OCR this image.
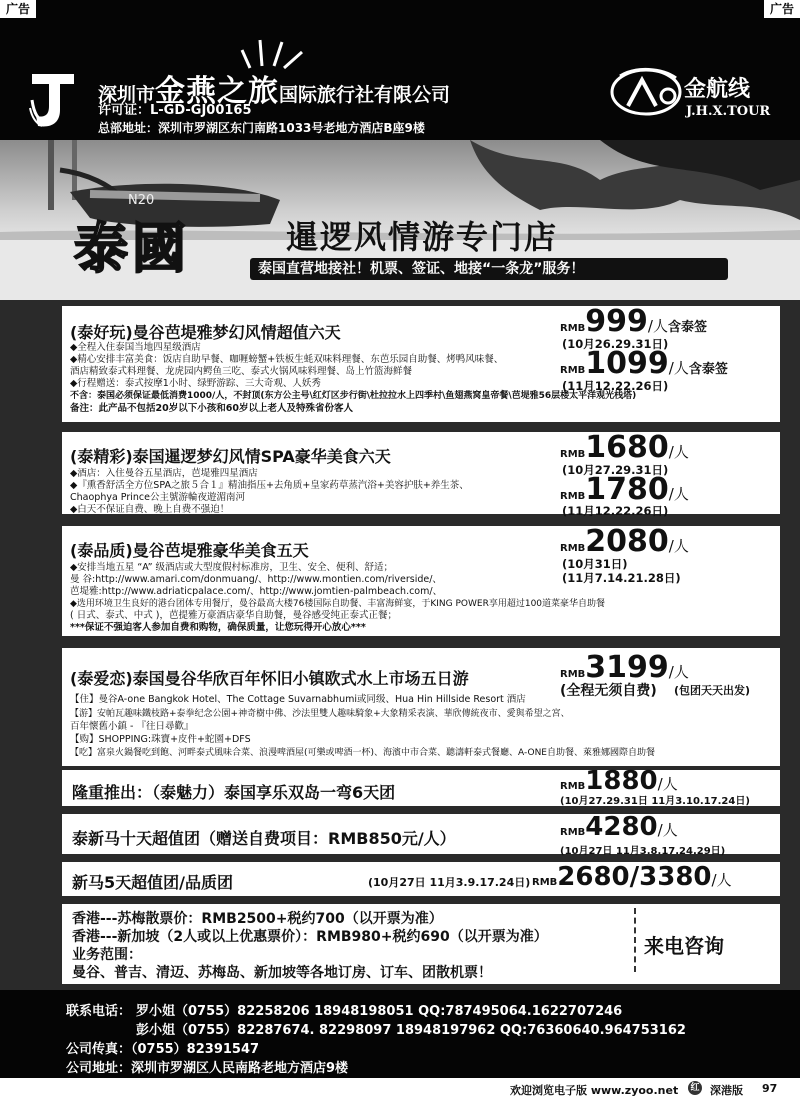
深圳市金燕之旅国际旅行社有限公司
许可证：L-GD-GJ00165
总部地址：深圳市罗湖区东门南路1033号老地方酒店B座9楼
金航线
J.H.X.TOUR
广告	广告
N20
泰國	暹逻风情游专门店
泰国直营地接社！机票、签证、地接“一条龙”服务！
(泰好玩)曼谷芭堤雅梦幻风情超值六天
◆全程入住泰国当地四星级酒店
◆精心安排丰富美食：饭店自助早餐、咖喱螃蟹+铁板生蚝双味料理餐、东芭乐园自助餐、烤鸭风味餐、
酒店精致泰式料理餐、龙虎园内鳄鱼三吃、泰式火锅风味料理餐、岛上竹篮海鲜餐
◆行程赠送：泰式按摩1小时、绿野游踪、三大奇观、人妖秀
不含：泰国必须保证最低消费1000/人，不封顶(东方公主号\红灯区步行街\杜拉拉水上四季村\鱼翅燕窝皇帝餐\芭堤雅56层楼太平洋观光栈塔)
备注：此产品不包括20岁以下小孩和60岁以上老人及特殊省份客人
RMB999/人含泰签
(10月26.29.31日)
RMB1099/人含泰签
(11月12.22.26日)
(泰精彩)泰国暹逻梦幻风情SPA豪华美食六天
◆酒店：入住曼谷五星酒店，芭堤雅四星酒店
◆『熏香舒活全方位SPA之旅５合１』精油指压+去角质+皇家药草蒸汽浴+美容护肤+养生茶、
Chaophya Prince公主號游輪夜遊湄南河
◆白天不保证自费、晚上自费不强迫！
RMB1680/人
(10月27.29.31日)
RMB1780/人
(11月12.22.26日)
(泰品质)曼谷芭堤雅豪华美食五天
◆安排当地五星 “A” 级酒店或大型度假村标准房，卫生、安全、便利、舒适；
曼 谷:http://www.amari.com/donmuang/、http://www.montien.com/riverside/、
芭堤雅:http://www.adriaticpalace.com/、http://www.jomtien-palmbeach.com/、
◆选用环境卫生良好的港台团体专用餐厅，曼谷最高大楼76楼国际自助餐、丰富海鲜宴，于KING POWER享用超过100道菜豪华自助餐
( 日式、泰式、中式 )，芭提雅万豪酒店豪华自助餐，曼谷感受纯正泰式正餐；
***保证不强迫客人参加自费和购物，确保质量，让您玩得开心放心***
RMB2080/人
(10月31日)
(11月7.14.21.28日)
(泰爱恋)泰国曼谷华欣百年怀旧小镇欧式水上市场五日游
【住】曼谷A-one Bangkok Hotel、The Cottage Suvarnabhumi或同级、Hua Hin Hillside Resort 酒店
【游】安帕瓦趣味鐵枝路+泰拳纪念公園+神奇樹中佛、沙法里雙人趣味騎象+大象精采表演、華欣傳統夜市、愛與希望之宮、
百年懷舊小鎮 - 『往日尋歡』
【购】SHOPPING:珠寶+皮件+蛇園+DFS
【吃】富泉火鍋餐吃到飽、河畔泰式風味合菜、浪漫啤酒屋(可樂或啤酒一杯)、海濱中市合菜、聽濤軒泰式餐廳、A-ONE自助餐、萊雅娜國際自助餐
RMB3199/人
(全程无须自费) (包团天天出发)
隆重推出：（泰魅力）泰国享乐双岛一弯6天团	RMB1880/人
(10月27.29.31日 11月3.10.17.24日)
泰新马十天超值团（赠送自费项目：RMB850元/人）	RMB4280/人
(10月27日 11月3.8.17.24.29日)
新马5天超值团/品质团	(10月27日 11月3.9.17.24日) RMB2680/3380/人
香港---苏梅散票价：RMB2500+税约700（以开票为准）
香港---新加坡（2人或以上优惠票价）：RMB980+税约690（以开票为准）
业务范围：
曼谷、普吉、清迈、苏梅岛、新加坡等各地订房、订车、团散机票！
来电咨询
联系电话： 罗小姐（0755）82258206 18948198051 QQ:787495064.1622707246
彭小姐（0755）82287674. 82298097 18948197962 QQ:76360640.964753162
公司传真：（0755）82391547
公司地址：深圳市罗湖区人民南路老地方酒店9楼
欢迎浏览电子版 www.zyoo.net 红 深港版 97
